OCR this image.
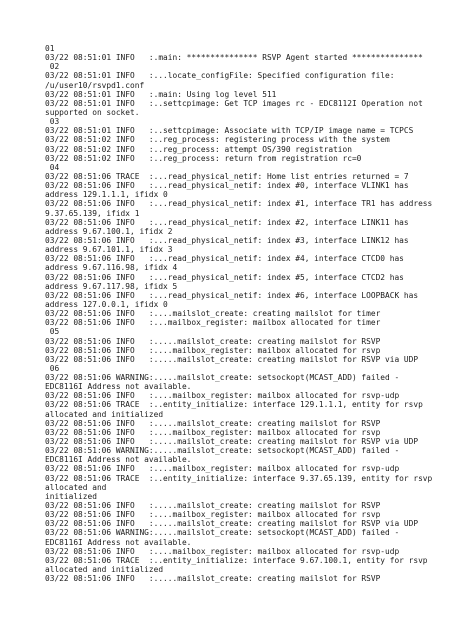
01
03/22 08:51:01 INFO   :.main: *************** RSVP Agent started ***************
02
03/22 08:51:01 INFO   :...locate_configFile: Specified configuration file:
/u/user10/rsvpd1.conf
03/22 08:51:01 INFO   :.main: Using log level 511
03/22 08:51:01 INFO   :..settcpimage: Get TCP images rc - EDC8112I Operation not
supported on socket.
03
03/22 08:51:01 INFO   :..settcpimage: Associate with TCP/IP image name = TCPCS
03/22 08:51:02 INFO   :..reg_process: registering process with the system
03/22 08:51:02 INFO   :..reg_process: attempt OS/390 registration
03/22 08:51:02 INFO   :..reg_process: return from registration rc=0
04
03/22 08:51:06 TRACE  :...read_physical_netif: Home list entries returned = 7
03/22 08:51:06 INFO   :...read_physical_netif: index #0, interface VLINK1 has
address 129.1.1.1, ifidx 0
03/22 08:51:06 INFO   :...read_physical_netif: index #1, interface TR1 has address
9.37.65.139, ifidx 1
03/22 08:51:06 INFO   :...read_physical_netif: index #2, interface LINK11 has
address 9.67.100.1, ifidx 2
03/22 08:51:06 INFO   :...read_physical_netif: index #3, interface LINK12 has
address 9.67.101.1, ifidx 3
03/22 08:51:06 INFO   :...read_physical_netif: index #4, interface CTCD0 has
address 9.67.116.98, ifidx 4
03/22 08:51:06 INFO   :...read_physical_netif: index #5, interface CTCD2 has
address 9.67.117.98, ifidx 5
03/22 08:51:06 INFO   :...read_physical_netif: index #6, interface LOOPBACK has
address 127.0.0.1, ifidx 0
03/22 08:51:06 INFO   :....mailslot_create: creating mailslot for timer
03/22 08:51:06 INFO   :...mailbox_register: mailbox allocated for timer
05
03/22 08:51:06 INFO   :.....mailslot_create: creating mailslot for RSVP
03/22 08:51:06 INFO   :....mailbox_register: mailbox allocated for rsvp
03/22 08:51:06 INFO   :.....mailslot_create: creating mailslot for RSVP via UDP
06
03/22 08:51:06 WARNING:.....mailslot_create: setsockopt(MCAST_ADD) failed -
EDC8116I Address not available.
03/22 08:51:06 INFO   :....mailbox_register: mailbox allocated for rsvp-udp
03/22 08:51:06 TRACE  :..entity_initialize: interface 129.1.1.1, entity for rsvp
allocated and initialized
03/22 08:51:06 INFO   :.....mailslot_create: creating mailslot for RSVP
03/22 08:51:06 INFO   :....mailbox_register: mailbox allocated for rsvp
03/22 08:51:06 INFO   :.....mailslot_create: creating mailslot for RSVP via UDP
03/22 08:51:06 WARNING:.....mailslot_create: setsockopt(MCAST_ADD) failed -
EDC8116I Address not available.
03/22 08:51:06 INFO   :....mailbox_register: mailbox allocated for rsvp-udp
03/22 08:51:06 TRACE  :..entity_initialize: interface 9.37.65.139, entity for rsvp
allocated and
initialized
03/22 08:51:06 INFO   :.....mailslot_create: creating mailslot for RSVP
03/22 08:51:06 INFO   :....mailbox_register: mailbox allocated for rsvp
03/22 08:51:06 INFO   :.....mailslot_create: creating mailslot for RSVP via UDP
03/22 08:51:06 WARNING:.....mailslot_create: setsockopt(MCAST_ADD) failed -
EDC8116I Address not available.
03/22 08:51:06 INFO   :....mailbox_register: mailbox allocated for rsvp-udp
03/22 08:51:06 TRACE  :..entity_initialize: interface 9.67.100.1, entity for rsvp
allocated and initialized
03/22 08:51:06 INFO   :.....mailslot_create: creating mailslot for RSVP
